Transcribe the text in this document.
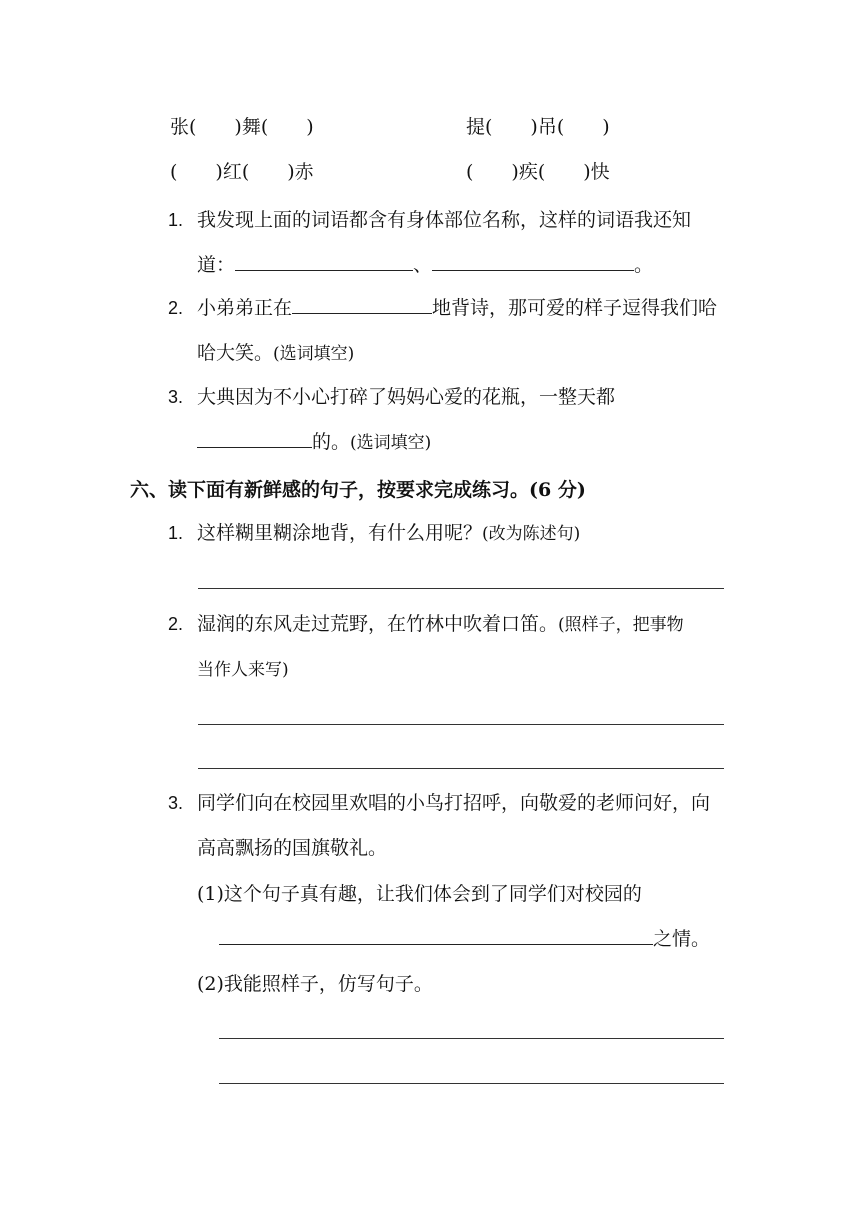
张(　　)舞(　　)	提(　　)吊(　　)
(　　)红(　　)赤	(　　)疾(　　)快
1. 我发现上面的词语都含有身体部位名称，这样的词语我还知
道：	、	。
2. 小弟弟正在	地背诗，那可爱的样子逗得我们哈
哈大笑。(选词填空)
3. 大典因为不小心打碎了妈妈心爱的花瓶，一整天都
的。(选词填空)
六、读下面有新鲜感的句子，按要求完成练习。(6 分)
1. 这样糊里糊涂地背，有什么用呢？(改为陈述句)
2. 湿润的东风走过荒野，在竹林中吹着口笛。(照样子，把事物
当作人来写)
3. 同学们向在校园里欢唱的小鸟打招呼，向敬爱的老师问好，向
高高飘扬的国旗敬礼。
(1)这个句子真有趣，让我们体会到了同学们对校园的
之情。
(2)我能照样子，仿写句子。
